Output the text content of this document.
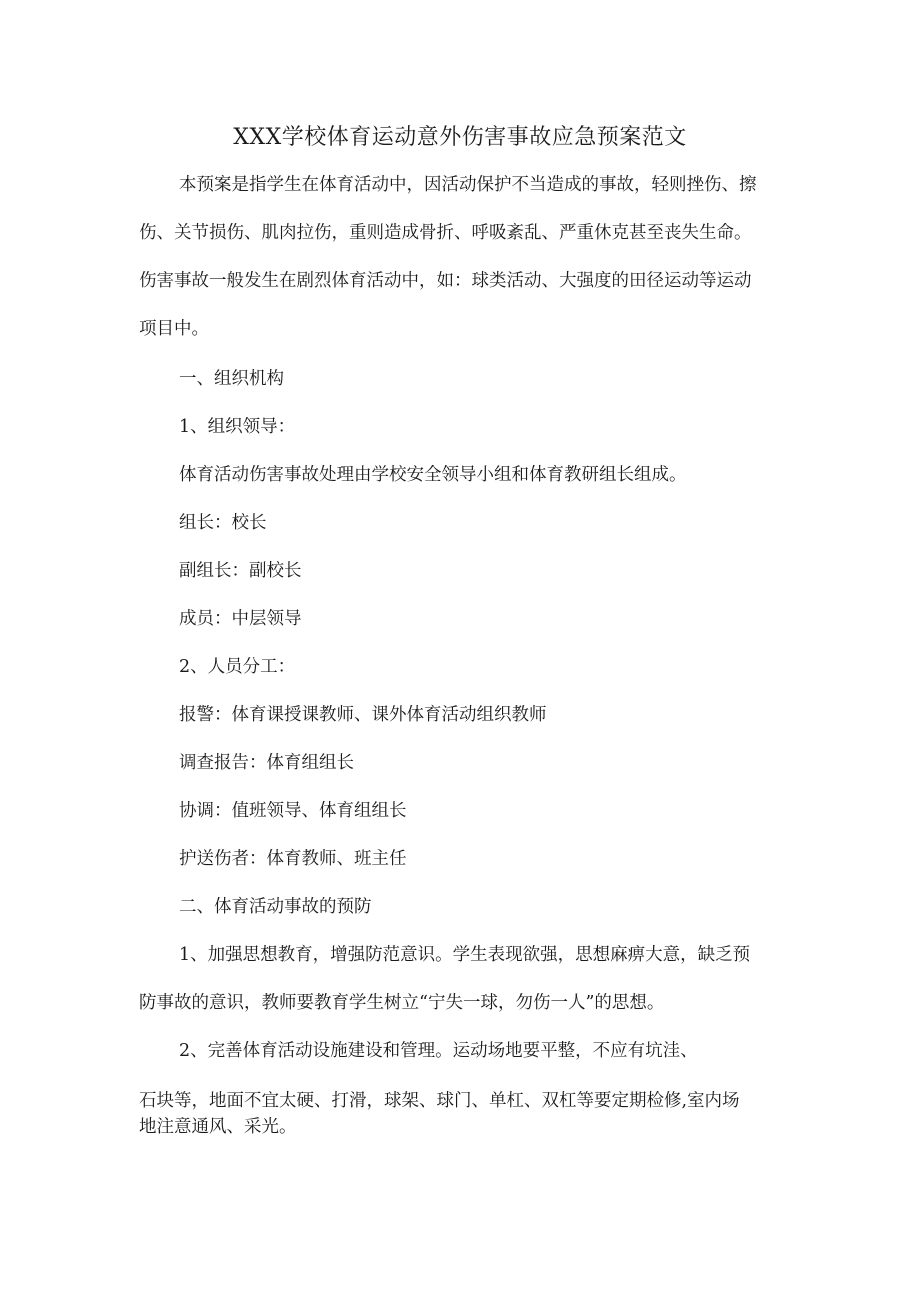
XXX学校体育运动意外伤害事故应急预案范文
本预案是指学生在体育活动中，因活动保护不当造成的事故，轻则挫伤、擦
伤、关节损伤、肌肉拉伤，重则造成骨折、呼吸紊乱、严重休克甚至丧失生命。
伤害事故一般发生在剧烈体育活动中，如：球类活动、大强度的田径运动等运动
项目中。
一、组织机构
1、组织领导：
体育活动伤害事故处理由学校安全领导小组和体育教研组长组成。
组长：校长
副组长：副校长
成员：中层领导
2、人员分工：
报警：体育课授课教师、课外体育活动组织教师
调查报告：体育组组长
协调：值班领导、体育组组长
护送伤者：体育教师、班主任
二、体育活动事故的预防
1、加强思想教育，增强防范意识。学生表现欲强，思想麻痹大意，缺乏预
防事故的意识，教师要教育学生树立“宁失一球，勿伤一人”的思想。
2、完善体育活动设施建设和管理。运动场地要平整，不应有坑洼、
石块等，地面不宜太硬、打滑，球架、球门、单杠、双杠等要定期检修,室内场
地注意通风、采光。
